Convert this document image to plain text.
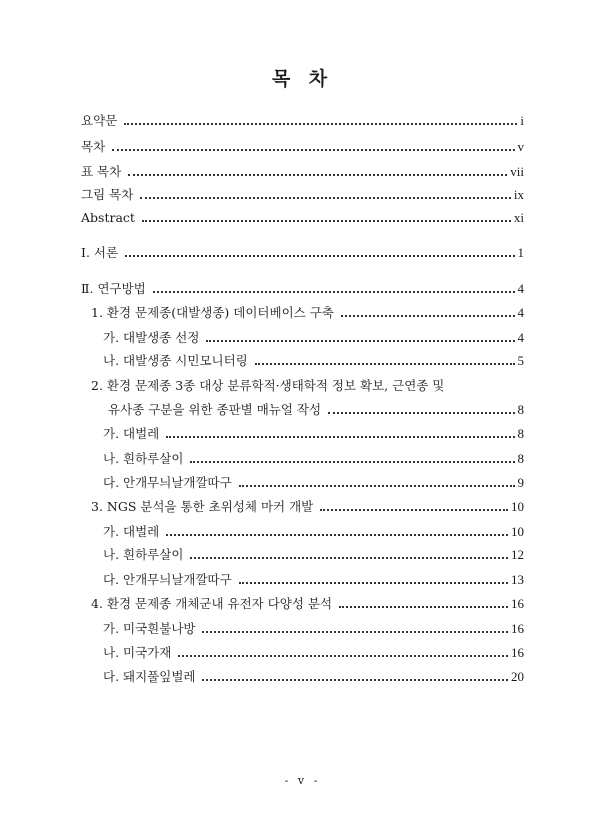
목 차
요약문	i
목차	v
표 목차	vii
그림 목차	ix
Abstract	xi
Ⅰ. 서론	1
Ⅱ. 연구방법	4
1. 환경 문제종(대발생종) 데이터베이스 구축	4
가. 대발생종 선정	4
나. 대발생종 시민모니터링	5
2. 환경 문제종 3종 대상 분류학적·생태학적 정보 확보, 근연종 및
유사종 구분을 위한 종판별 매뉴얼 작성	8
가. 대벌레	8
나. 흰하루살이	8
다. 안개무늬날개깔따구	9
3. NGS 분석을 통한 초위성체 마커 개발	10
가. 대벌레	10
나. 흰하루살이	12
다. 안개무늬날개깔따구	13
4. 환경 문제종 개체군내 유전자 다양성 분석	16
가. 미국흰불나방	16
나. 미국가재	16
다. 돼지풀잎벌레	20
- v -
